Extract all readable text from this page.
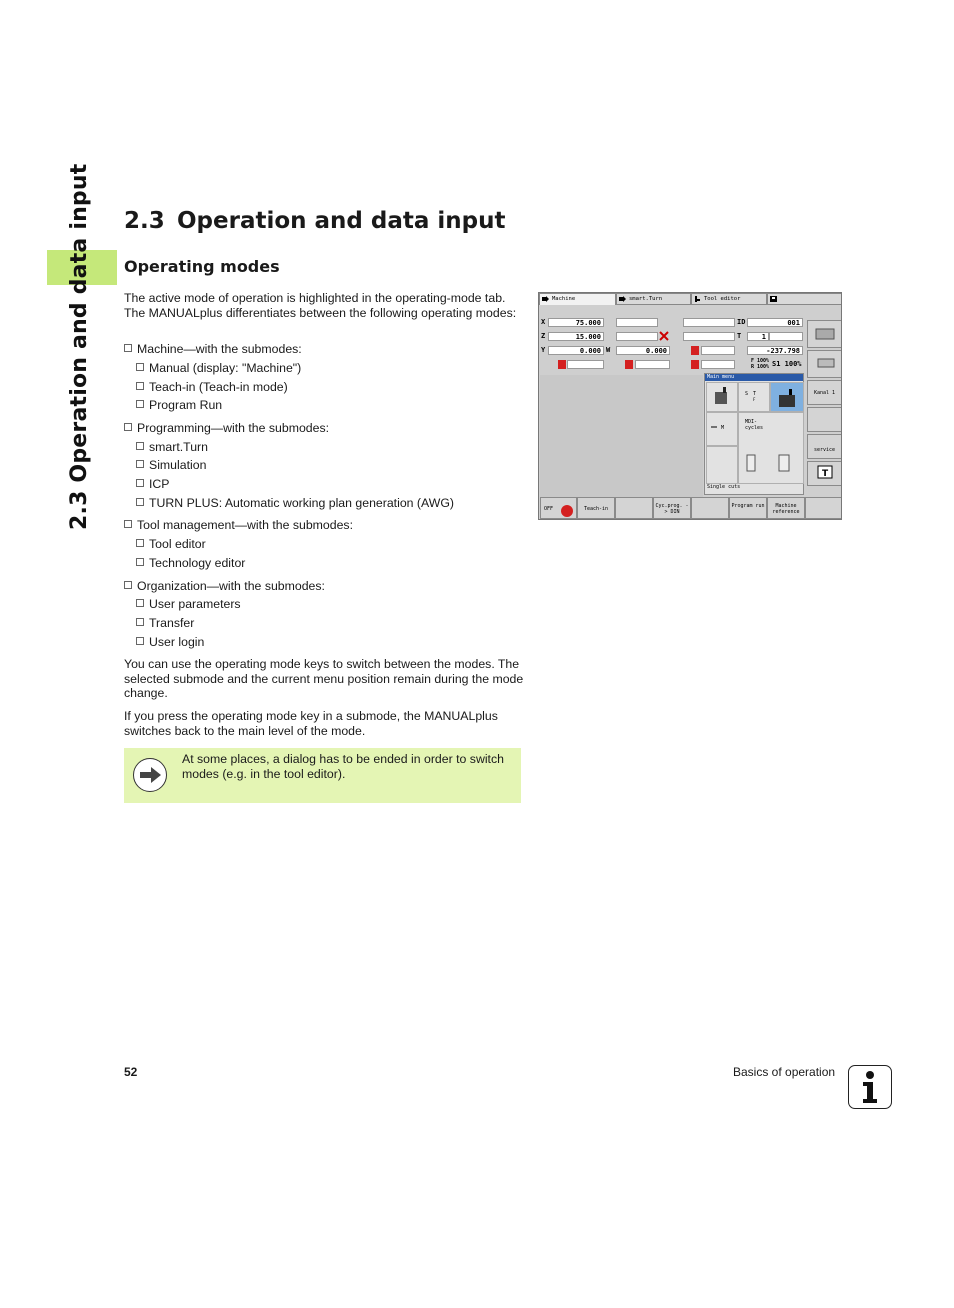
2.3 Operation and data input 2.3 Operation and data input
Operating modes
The active mode of operation is highlighted in the operating-mode tab. The MANUALplus differentiates between the following operating modes:
Machine—with the submodes:
Manual (display: "Machine")
Teach-in (Teach-in mode)
Program Run
Programming—with the submodes:
smart.Turn
Simulation
ICP
TURN PLUS: Automatic working plan generation (AWG)
Tool management—with the submodes:
Tool editor
Technology editor
Organization—with the submodes:
User parameters
Transfer
User login
You can use the operating mode keys to switch between the modes. The selected submode and the current menu position remain during the mode change.
If you press the operating mode key in a submode, the MANUALplus switches back to the main level of the mode.
At some places, a dialog has to be ended in order to switch modes (e.g. in the tool editor).
Machine	smart.Turn	Tool editor
X	75.000
Z	15.000
Y	0.000 W	0.000
ID	001
T	1
-237.798
F 100%
R 100% S1 100%
Main menu
S T
F
M
MDI-
cycles
Single cuts
Kanal 1
service
T
OFF	Teach-in	Cyc.prog. -> DIN
Program run	Machine reference
52	Basics of operation
